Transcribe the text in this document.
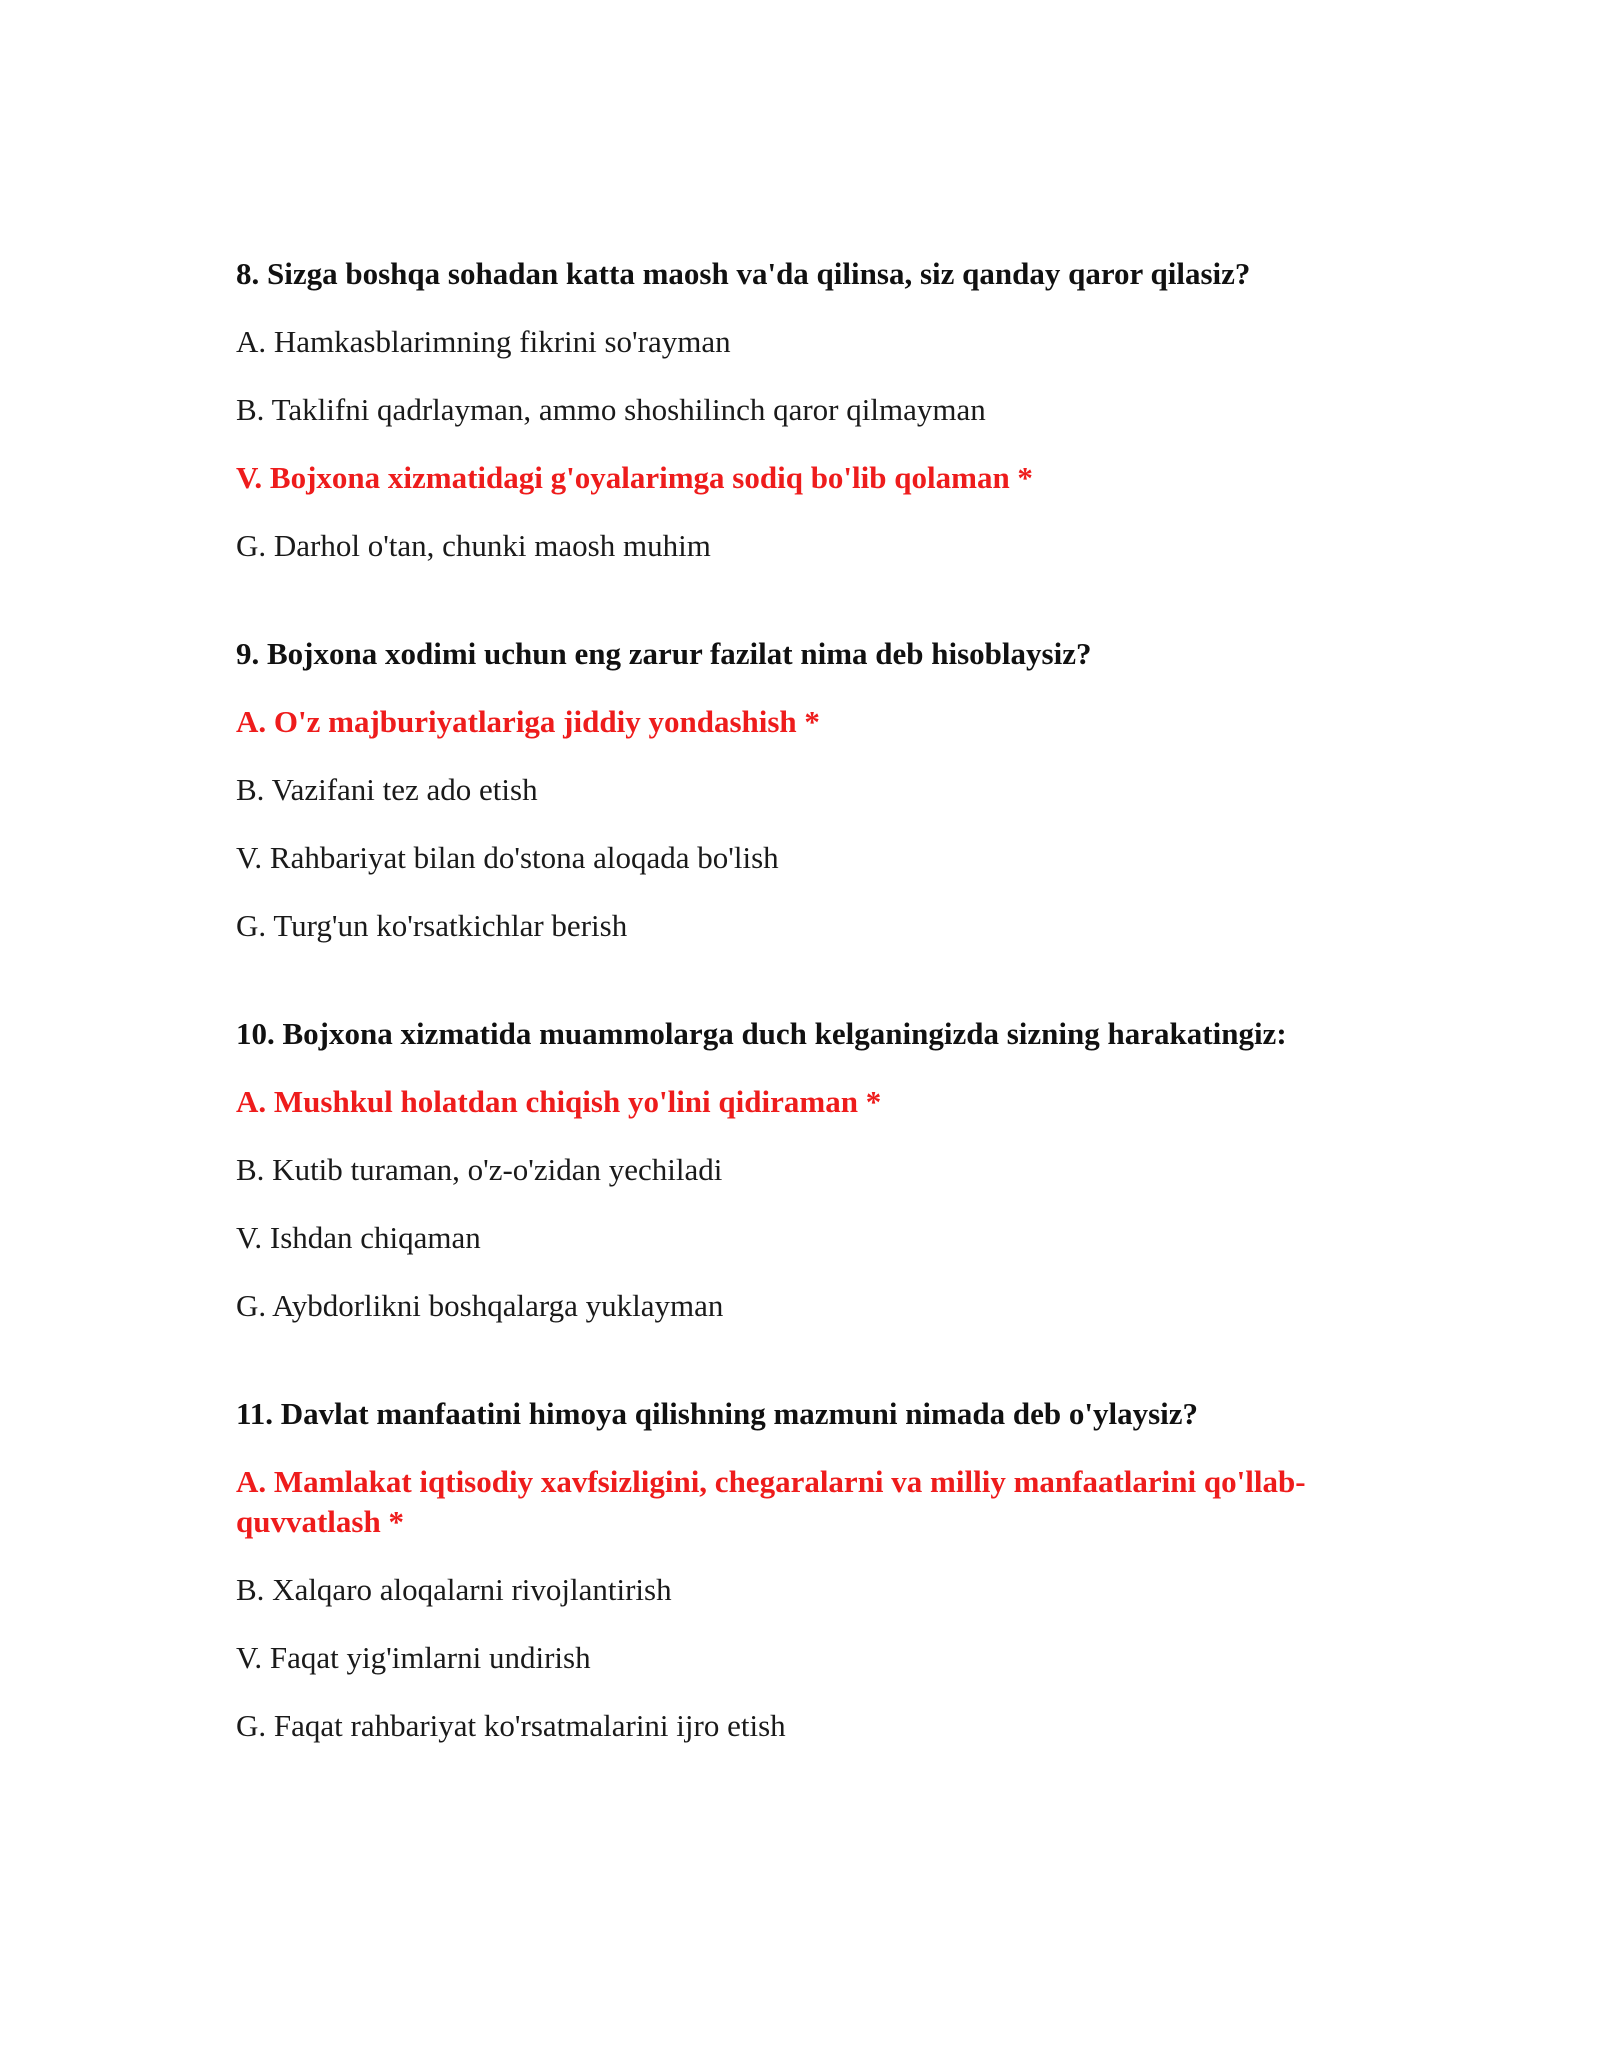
8. Sizga boshqa sohadan katta maosh va'da qilinsa, siz qanday qaror qilasiz?
A. Hamkasblarimning fikrini so'rayman
B. Taklifni qadrlayman, ammo shoshilinch qaror qilmayman
V. Bojxona xizmatidagi g'oyalarimga sodiq bo'lib qolaman *
G. Darhol o'tan, chunki maosh muhim
9. Bojxona xodimi uchun eng zarur fazilat nima deb hisoblaysiz?
A. O'z majburiyatlariga jiddiy yondashish *
B. Vazifani tez ado etish
V. Rahbariyat bilan do'stona aloqada bo'lish
G. Turg'un ko'rsatkichlar berish
10. Bojxona xizmatida muammolarga duch kelganingizda sizning harakatingiz:
A. Mushkul holatdan chiqish yo'lini qidiraman *
B. Kutib turaman, o'z-o'zidan yechiladi
V. Ishdan chiqaman
G. Aybdorlikni boshqalarga yuklayman
11. Davlat manfaatini himoya qilishning mazmuni nimada deb o'ylaysiz?
A. Mamlakat iqtisodiy xavfsizligini, chegaralarni va milliy manfaatlarini qo'llab-quvvatlash *
B. Xalqaro aloqalarni rivojlantirish
V. Faqat yig'imlarni undirish
G. Faqat rahbariyat ko'rsatmalarini ijro etish
